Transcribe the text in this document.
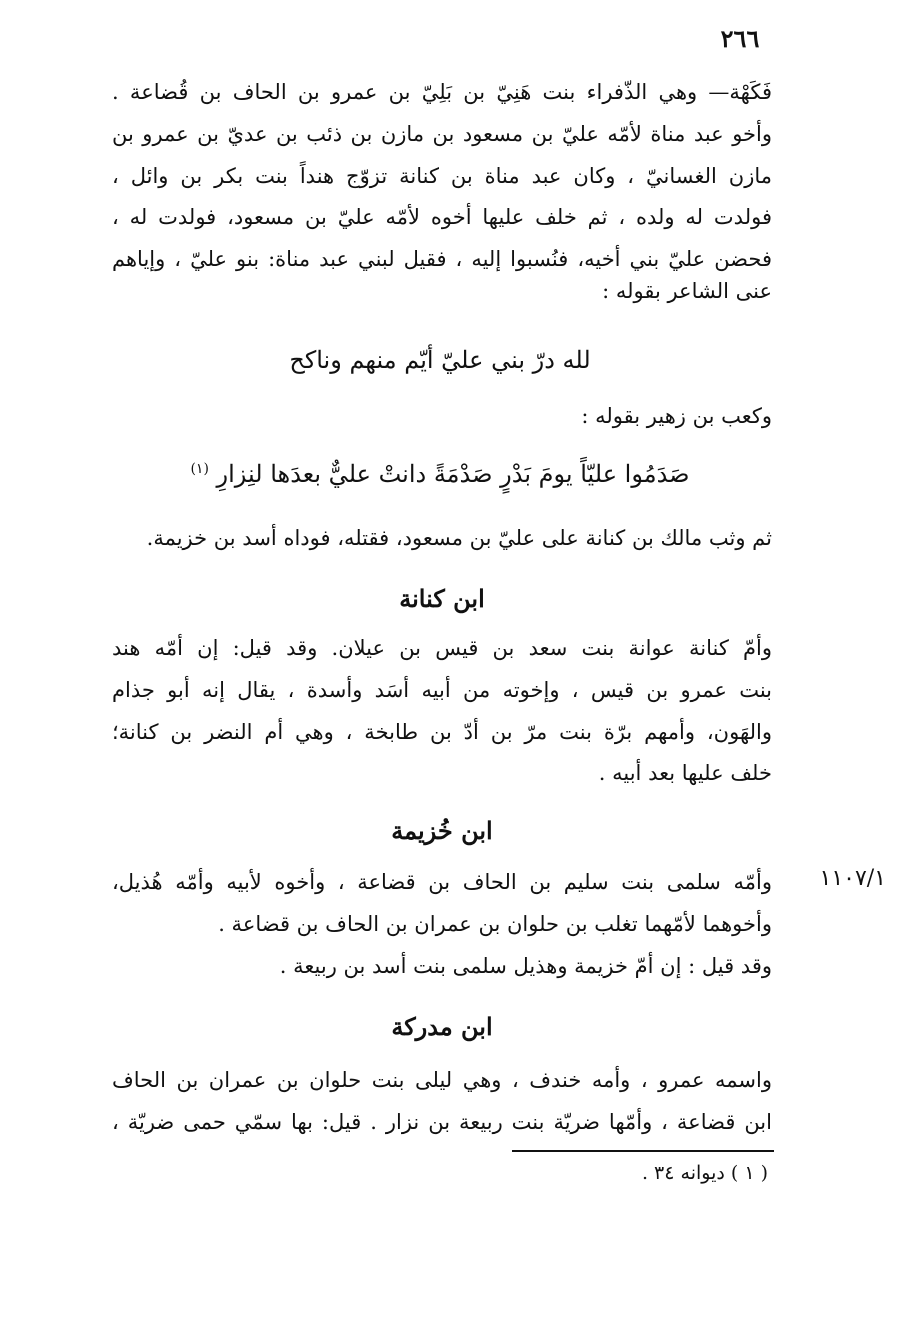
٢٦٦
فَكَهْة— وهي الذّفراء بنت هَنِيّ بن بَلِيّ بن عمرو بن الحاف بن قُضاعة .
وأخو عبد مناة لأمّه عليّ بن مسعود بن مازن بن ذئب بن عديّ بن عمرو بن
مازن الغسانيّ ، وكان عبد مناة بن كنانة تزوّج هنداً بنت بكر بن وائل ،
فولدت له ولده ، ثم خلف عليها أخوه لأمّه عليّ بن مسعود، فولدت له ،
فحضن عليّ بني أخيه، فنُسبوا إليه ، فقيل لبني عبد مناة: بنو عليّ ، وإياهم
عنى الشاعر بقوله :
لله درّ بني عليّ أيّم منهم وناكح
وكعب بن زهير بقوله :
صَدَمُوا عليّاً يومَ بَدْرٍ صَدْمَةً دانتْ عليٌّ بعدَها لنِزارِ $^{(١)}$
ثم وثب مالك بن كنانة على عليّ بن مسعود، فقتله، فوداه أسد بن خزيمة.
ابن كنانة
وأمّ كنانة عوانة بنت سعد بن قيس بن عيلان. وقد قيل: إن أمّه هند
بنت عمرو بن قيس ، وإخوته من أبيه أسَد وأسدة ، يقال إنه أبو جذام
والهَون، وأمهم برّة بنت مرّ بن أدّ بن طابخة ، وهي أم النضر بن كنانة؛
خلف عليها بعد أبيه .
ابن خُزيمة
١١٠٧/١
وأمّه سلمى بنت سليم بن الحاف بن قضاعة ، وأخوه لأبيه وأمّه هُذيل،
وأخوهما لأمّهما تغلب بن حلوان بن عمران بن الحاف بن قضاعة .
وقد قيل : إن أمّ خزيمة وهذيل سلمى بنت أسد بن ربيعة .
ابن مدركة
واسمه عمرو ، وأمه خندف ، وهي ليلى بنت حلوان بن عمران بن الحاف
ابن قضاعة ، وأمّها ضريّة بنت ربيعة بن نزار . قيل: بها سمّي حمى ضريّة ،
( ١ ) ديوانه ٣٤ .
